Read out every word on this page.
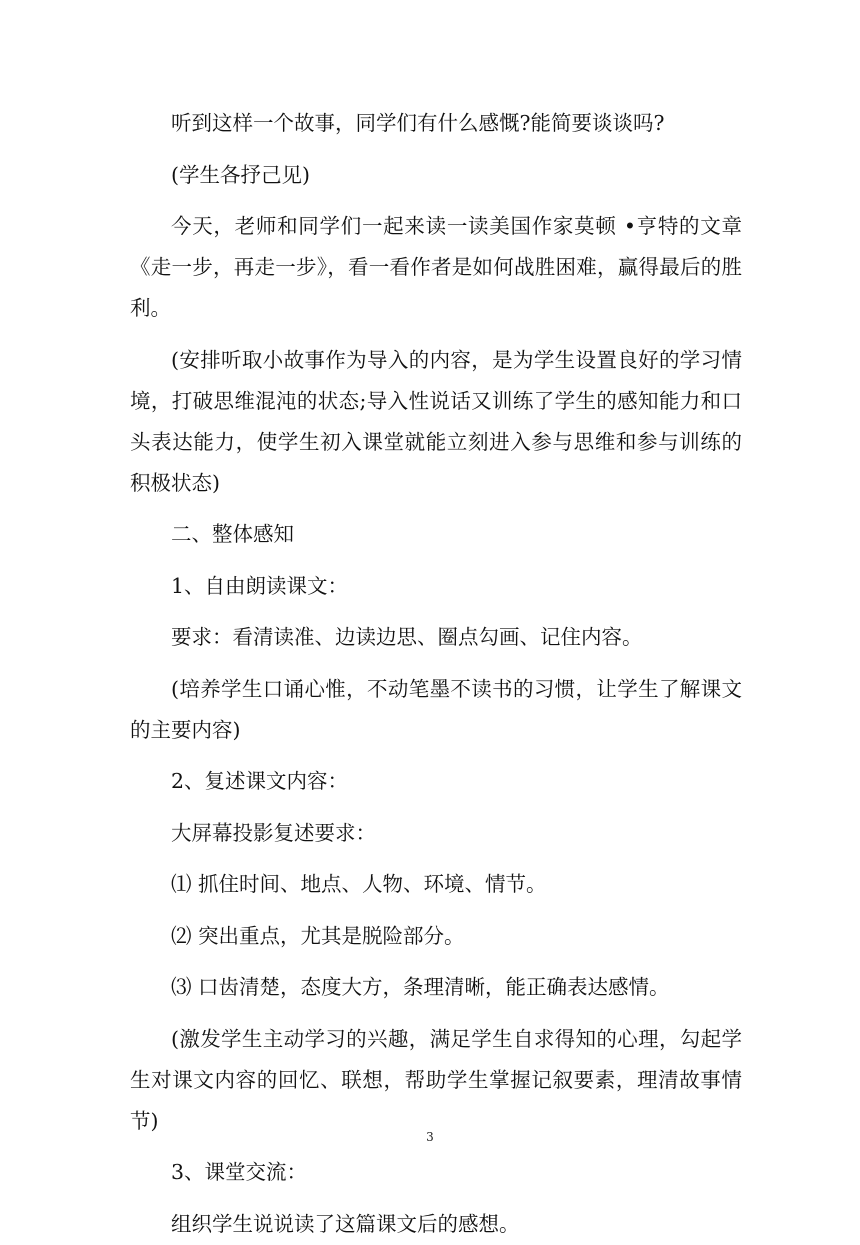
听到这样一个故事，同学们有什么感慨?能简要谈谈吗?

(学生各抒己见)

今天，老师和同学们一起来读一读美国作家莫顿 •亨特的文章《走一步，再走一步》，看一看作者是如何战胜困难，赢得最后的胜利。

(安排听取小故事作为导入的内容，是为学生设置良好的学习情境，打破思维混沌的状态;导入性说话又训练了学生的感知能力和口头表达能力，使学生初入课堂就能立刻进入参与思维和参与训练的积极状态)

二、整体感知

1、自由朗读课文：

要求：看清读准、边读边思、圈点勾画、记住内容。

(培养学生口诵心惟，不动笔墨不读书的习惯，让学生了解课文的主要内容)

2、复述课文内容：

大屏幕投影复述要求：

⑴ 抓住时间、地点、人物、环境、情节。

⑵ 突出重点，尤其是脱险部分。

⑶ 口齿清楚，态度大方，条理清晰，能正确表达感情。

(激发学生主动学习的兴趣，满足学生自求得知的心理，勾起学生对课文内容的回忆、联想，帮助学生掌握记叙要素，理清故事情节)

3、课堂交流：

组织学生说说读了这篇课文后的感想。

3
